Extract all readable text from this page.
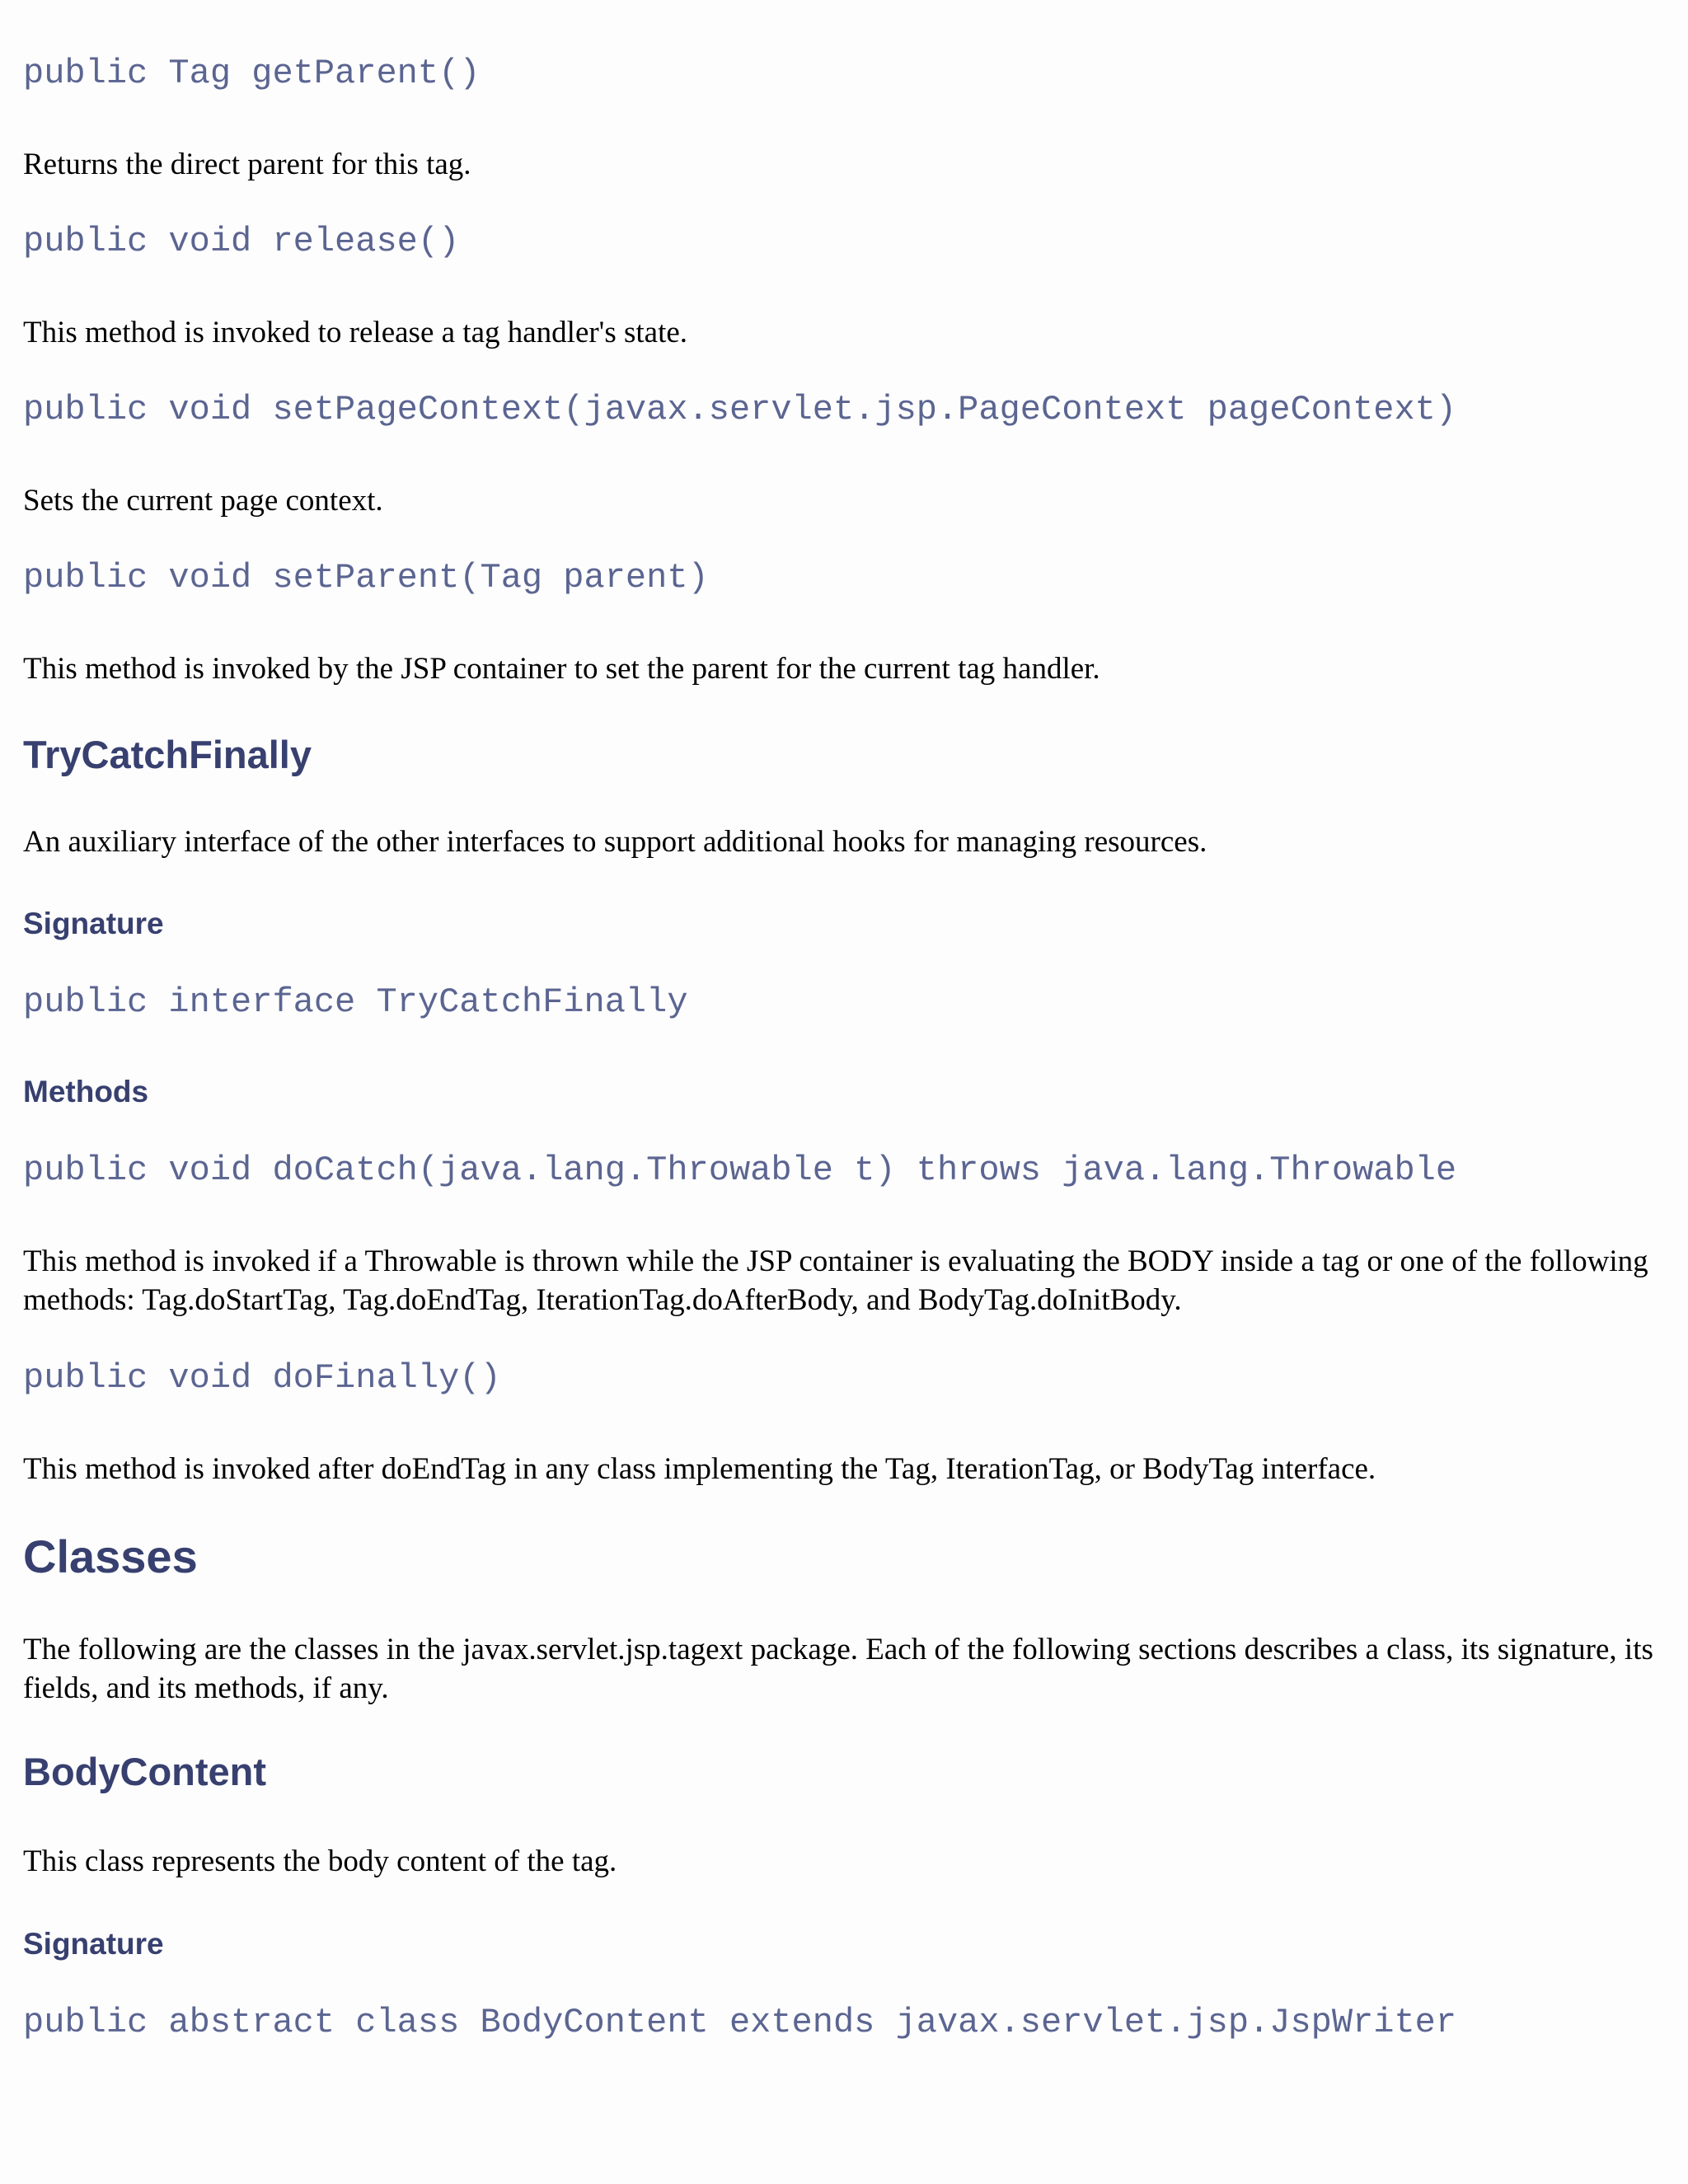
public Tag getParent()
Returns the direct parent for this tag.
public void release()
This method is invoked to release a tag handler's state.
public void setPageContext(javax.servlet.jsp.PageContext pageContext)
Sets the current page context.
public void setParent(Tag parent)
This method is invoked by the JSP container to set the parent for the current tag handler.
TryCatchFinally
An auxiliary interface of the other interfaces to support additional hooks for managing resources.
Signature
public interface TryCatchFinally
Methods
public void doCatch(java.lang.Throwable t) throws java.lang.Throwable
This method is invoked if a Throwable is thrown while the JSP container is evaluating the BODY inside a tag or one of the following methods: Tag.doStartTag, Tag.doEndTag, IterationTag.doAfterBody, and BodyTag.doInitBody.
public void doFinally()
This method is invoked after doEndTag in any class implementing the Tag, IterationTag, or BodyTag interface.
Classes
The following are the classes in the javax.servlet.jsp.tagext package. Each of the following sections describes a class, its signature, its fields, and its methods, if any.
BodyContent
This class represents the body content of the tag.
Signature
public abstract class BodyContent extends javax.servlet.jsp.JspWriter
